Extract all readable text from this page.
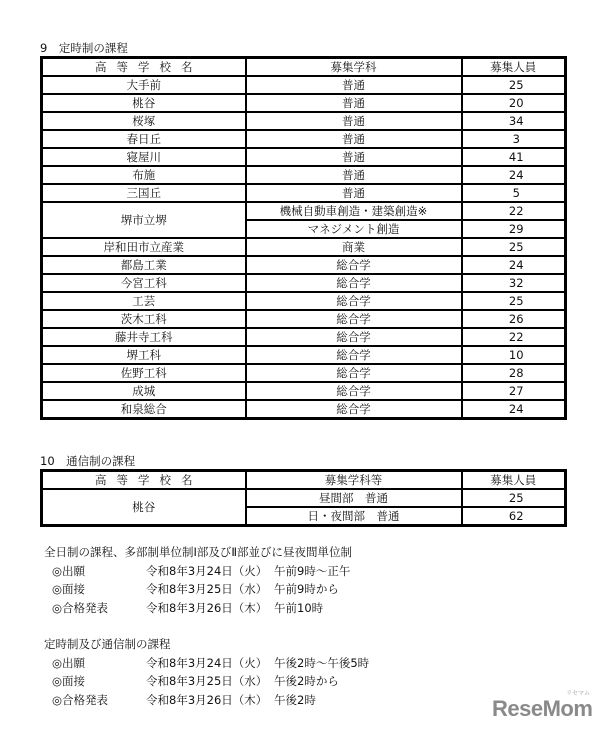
9　定時制の課程
高等学校名	募集学科	募集人員
大手前	普通	25
桃谷	普通	20
桜塚	普通	34
春日丘	普通	3
寝屋川	普通	41
布施	普通	24
三国丘	普通	5
堺市立堺	機械自動車創造・建築創造※	22
	マネジメント創造	29
岸和田市立産業	商業	25
都島工業	総合学	24
今宮工科	総合学	32
工芸	総合学	25
茨木工科	総合学	26
藤井寺工科	総合学	22
堺工科	総合学	10
佐野工科	総合学	28
成城	総合学	27
和泉総合	総合学	24
10　通信制の課程
高等学校名	募集学科等	募集人員
桃谷	昼間部　普通	25
	日・夜間部　普通	62
全日制の課程、多部制単位制Ⅰ部及びⅡ部並びに昼夜間単位制
◎出願	令和8年3月24日（火） 午前9時～正午
◎面接	令和8年3月25日（水） 午前9時から
◎合格発表	令和8年3月26日（木） 午前10時
定時制及び通信制の課程
◎出願	令和8年3月24日（火） 午後2時～午後5時
◎面接	令和8年3月25日（水） 午後2時から
◎合格発表	令和8年3月26日（木） 午後2時	ReseMom
リセマム
